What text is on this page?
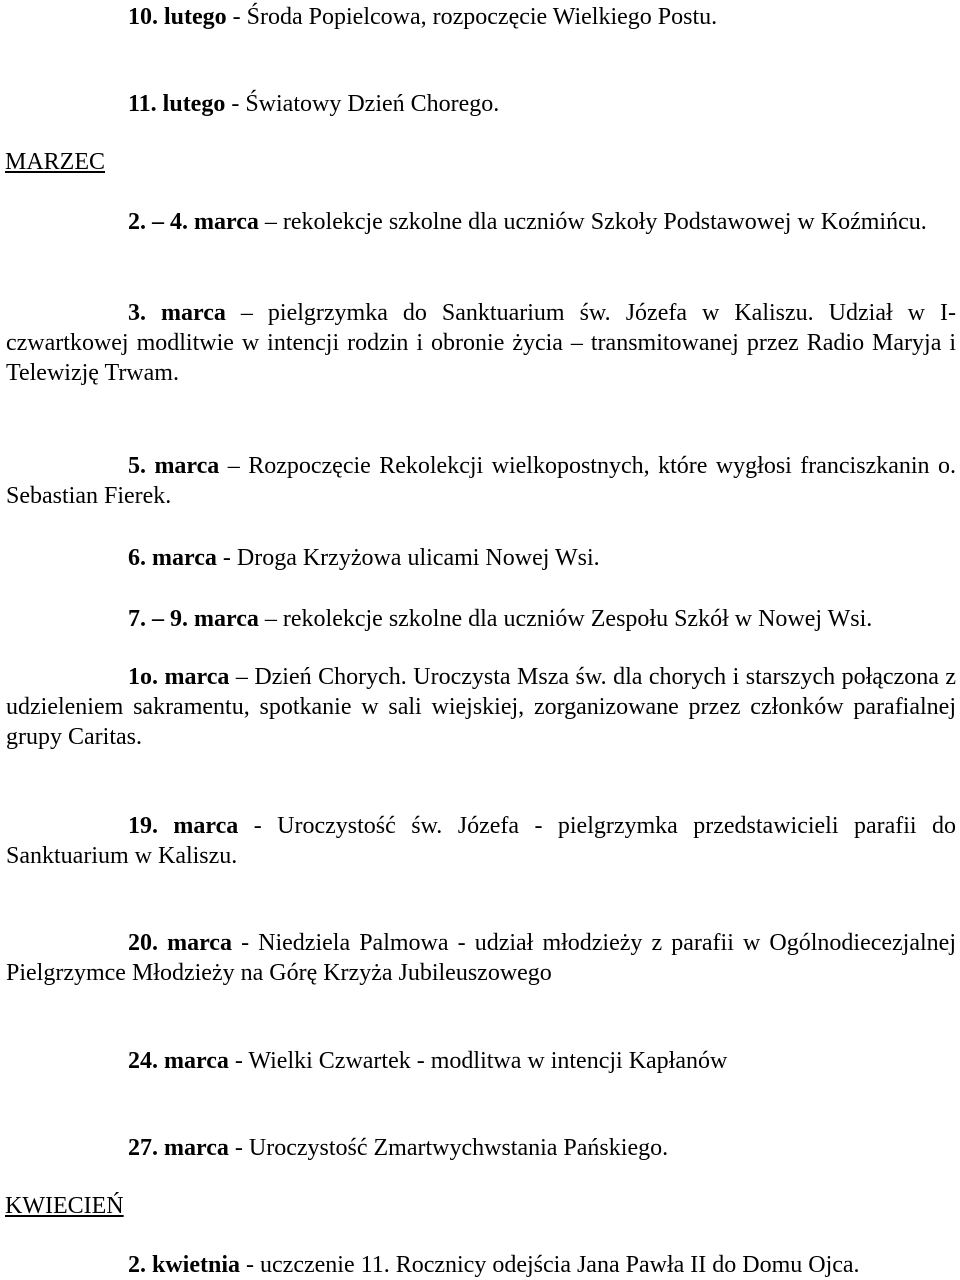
10. lutego - Środa Popielcowa, rozpoczęcie Wielkiego Postu.
11. lutego - Światowy Dzień Chorego.
MARZEC
2. – 4. marca – rekolekcje szkolne dla uczniów Szkoły Podstawowej w Koźmińcu.
3. marca – pielgrzymka do Sanktuarium św. Józefa w Kaliszu. Udział w I-czwartkowej modlitwie w intencji rodzin i obronie życia – transmitowanej przez Radio Maryja i Telewizję Trwam.
5. marca – Rozpoczęcie Rekolekcji wielkopostnych, które wygłosi franciszkanin o. Sebastian Fierek.
6. marca - Droga Krzyżowa ulicami Nowej Wsi.
7. – 9. marca – rekolekcje szkolne dla uczniów Zespołu Szkół w Nowej Wsi.
1o. marca – Dzień Chorych. Uroczysta Msza św. dla chorych i starszych połączona z udzieleniem sakramentu, spotkanie w sali wiejskiej, zorganizowane przez członków parafialnej grupy Caritas.
19. marca - Uroczystość św. Józefa - pielgrzymka przedstawicieli parafii do Sanktuarium w Kaliszu.
20. marca - Niedziela Palmowa - udział młodzieży z parafii w Ogólnodiecezjalnej Pielgrzymce Młodzieży na Górę Krzyża Jubileuszowego
24. marca - Wielki Czwartek - modlitwa w intencji Kapłanów
27. marca - Uroczystość Zmartwychwstania Pańskiego.
KWIECIEŃ
2. kwietnia - uczczenie 11. Rocznicy odejścia Jana Pawła II do Domu Ojca.
